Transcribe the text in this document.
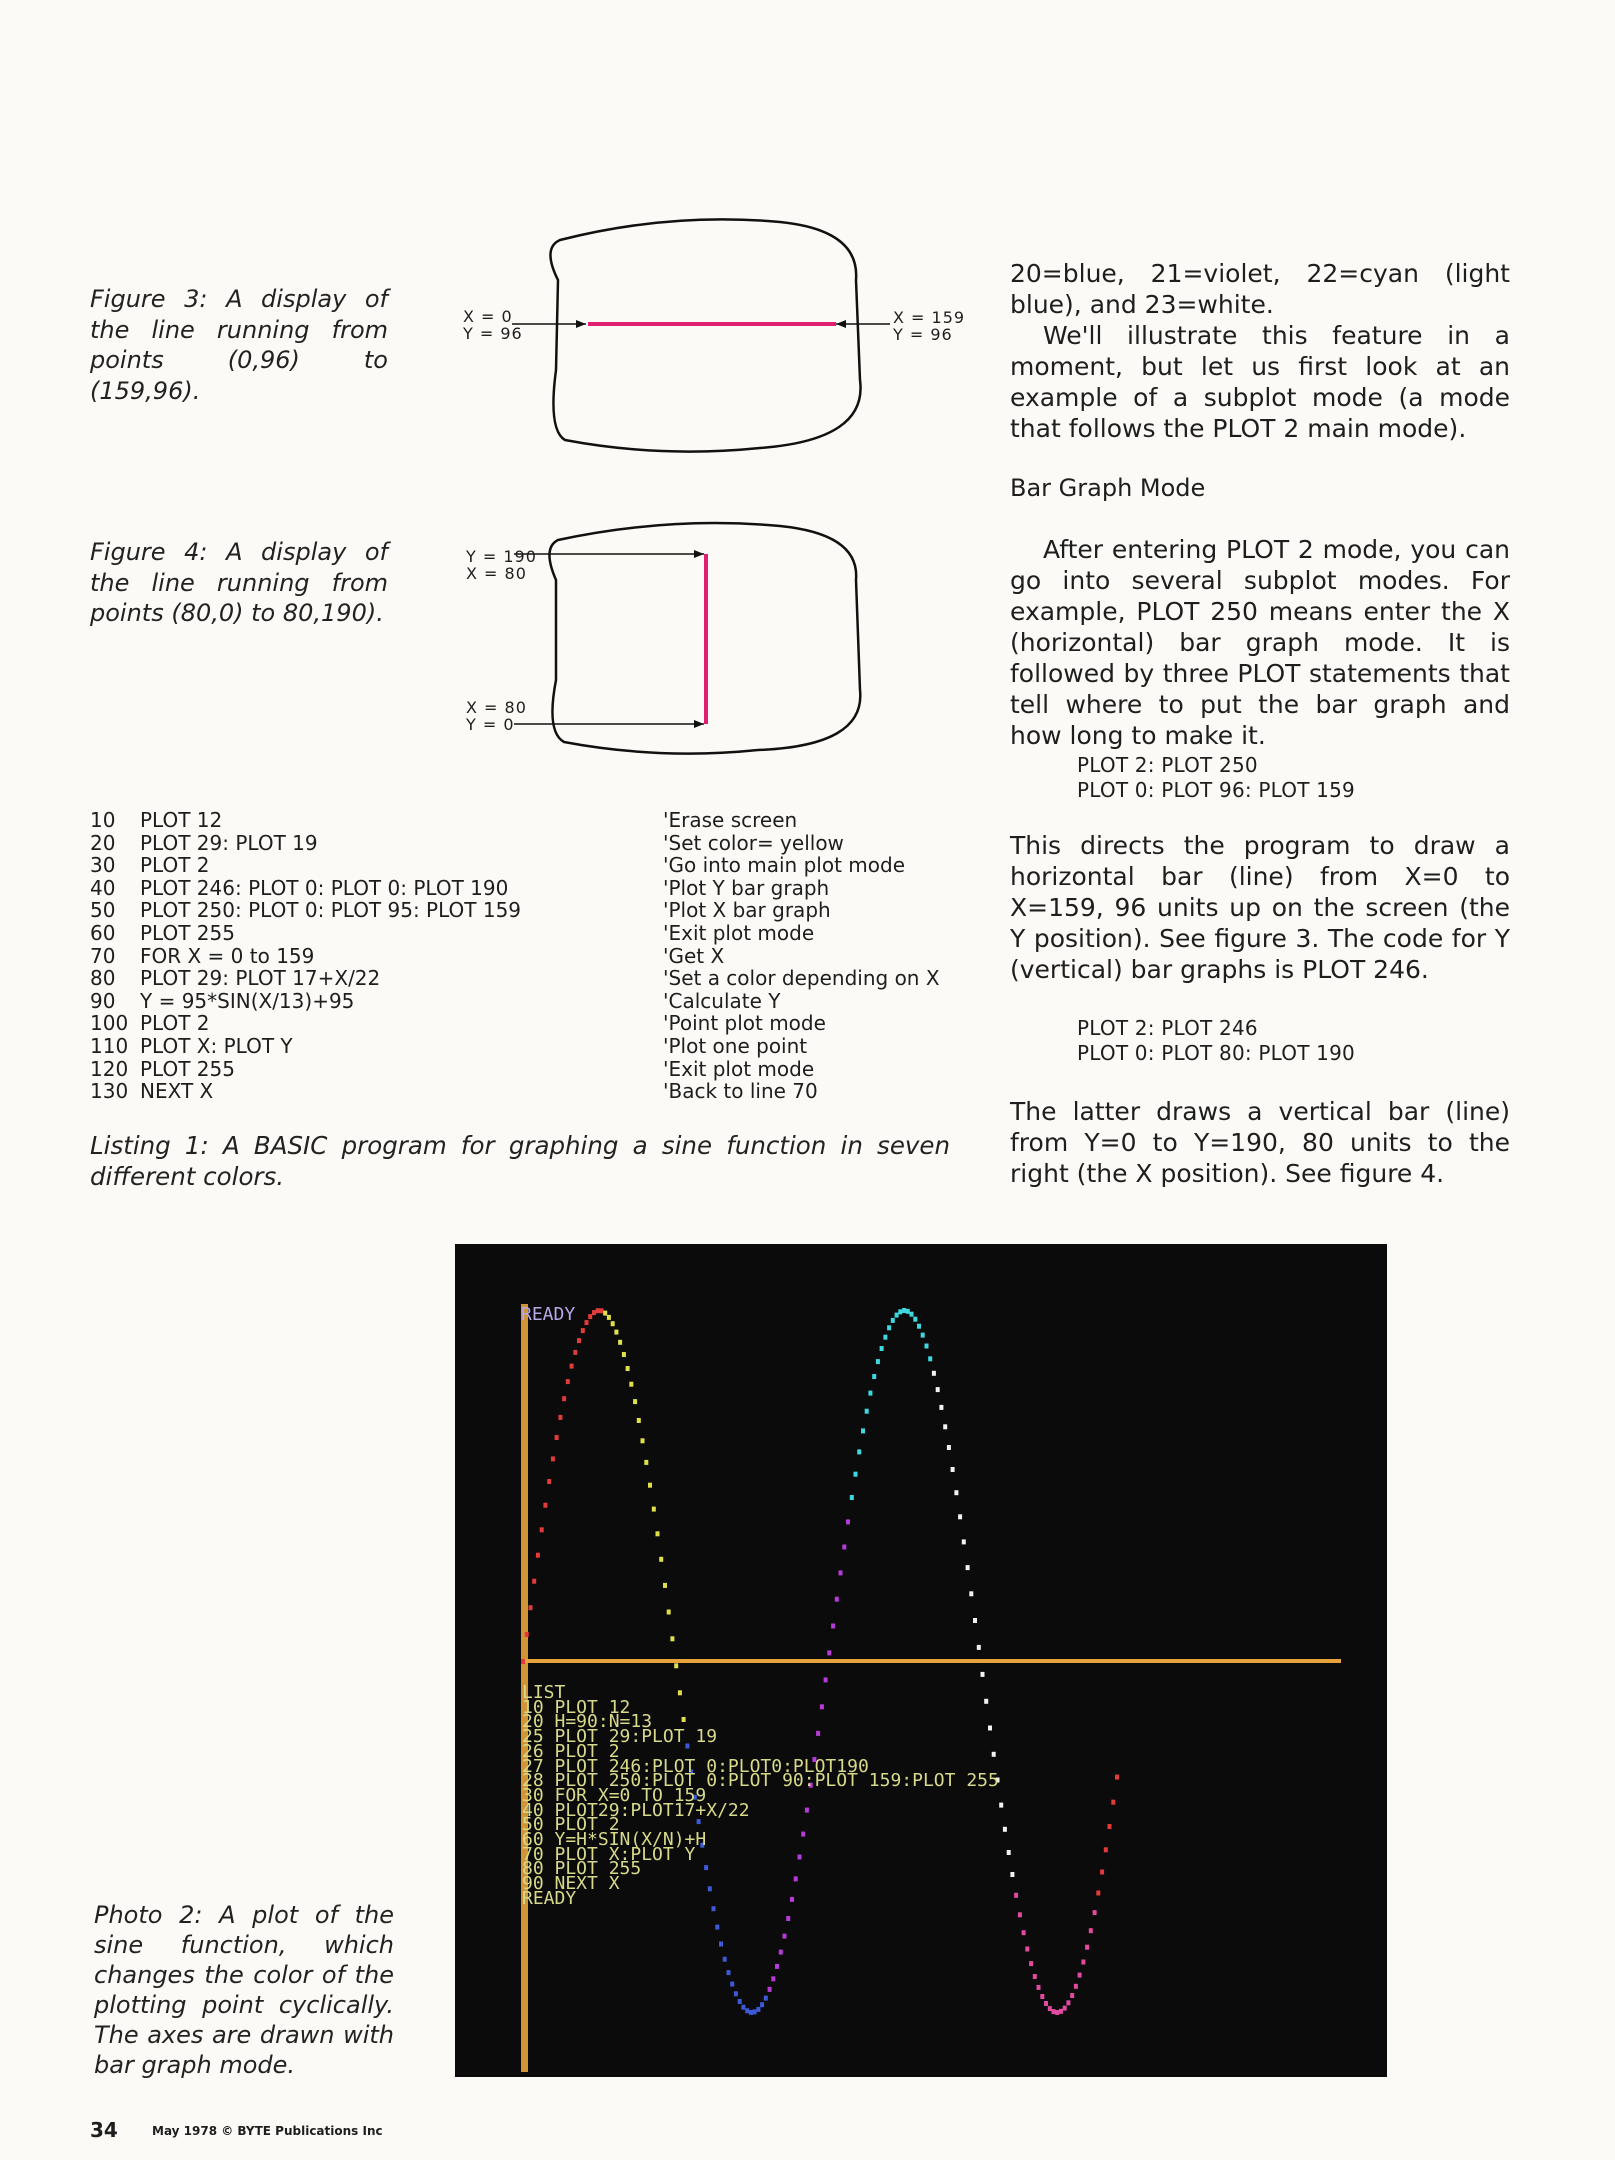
Figure 3: A display of the line running from points (0,96) to (159,96).
X = 0
Y = 96
X = 159
Y = 96
Figure 4: A display of the line running from points (80,0) to 80,190).
Y = 190
X = 80
X = 80
Y = 0

20=blue, 21=violet, 22=cyan (light blue), and 23=white.

We'll illustrate this feature in a moment, but let us first look at an example of a subplot mode (a mode that follows the PLOT 2 main mode).

Bar Graph Mode

After entering PLOT 2 mode, you can go into several subplot modes. For example, PLOT 250 means enter the X (horizontal) bar graph mode. It is followed by three PLOT statements that tell where to put the bar graph and how long to make it.

PLOT 2: PLOT 250
PLOT 0: PLOT 96: PLOT 159

This directs the program to draw a horizontal bar (line) from X=0 to X=159, 96 units up on the screen (the Y position). See figure 3. The code for Y (vertical) bar graphs is PLOT 246.

PLOT 2: PLOT 246
PLOT 0: PLOT 80: PLOT 190

The latter draws a vertical bar (line) from Y=0 to Y=190, 80 units to the right (the X position). See figure 4.

10	PLOT 12	'Erase screen
20	PLOT 29: PLOT 19	'Set color= yellow
30	PLOT 2	'Go into main plot mode
40	PLOT 246: PLOT 0: PLOT 0: PLOT 190	'Plot Y bar graph
50	PLOT 250: PLOT 0: PLOT 95: PLOT 159	'Plot X bar graph
60	PLOT 255	'Exit plot mode
70	FOR X = 0 to 159	'Get X
80	PLOT 29: PLOT 17+X/22	'Set a color depending on X
90	Y = 95*SIN(X/13)+95	'Calculate Y
100 PLOT 2	'Point plot mode
110 PLOT X: PLOT Y	'Plot one point
120 PLOT 255	'Exit plot mode
130 NEXT X	'Back to line 70
Listing 1: A BASIC program for graphing a sine function in seven different colors.
Photo 2: A plot of the sine function, which changes the color of the plotting point cyclically. The axes are drawn with bar graph mode.
READY
LIST
10 PLOT 12
20 H=90:N=13
25 PLOT 29:PLOT 19
26 PLOT 2
27 PLOT 246:PLOT 0:PLOT0:PLOT190
28 PLOT 250:PLOT 0:PLOT 90:PLOT 159:PLOT 255
30 FOR X=0 TO 159
40 PLOT29:PLOT17+X/22
50 PLOT 2
60 Y=H*SIN(X/N)+H
70 PLOT X:PLOT Y
80 PLOT 255
90 NEXT X
READY
34	May 1978 © BYTE Publications Inc
